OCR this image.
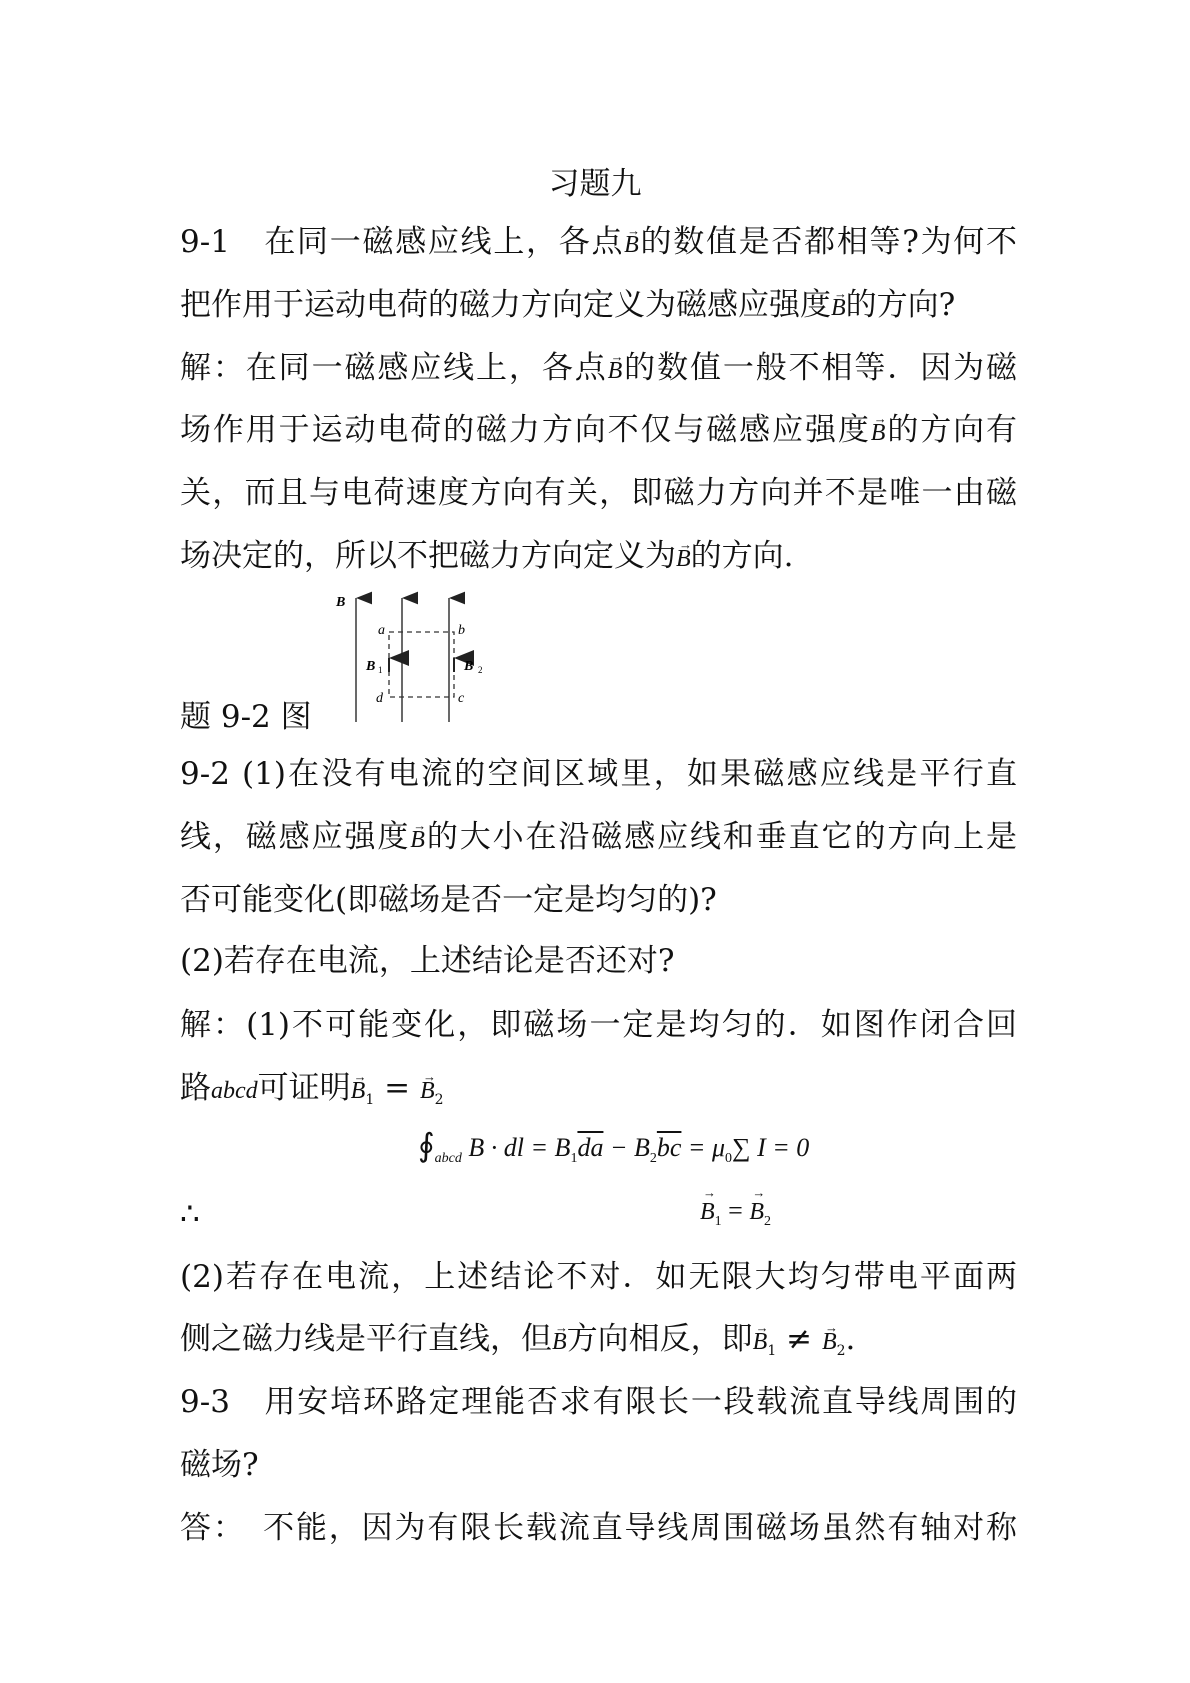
习题九
9-1　在同一磁感应线上，各点→ B的数值是否都相等?为何不
把作用于运动电荷的磁力方向定义为磁感应强度→ B的方向?
解：在同一磁感应线上，各点→ B的数值一般不相等．因为磁
场作用于运动电荷的磁力方向不仅与磁感应强度→ B的方向有
关，而且与电荷速度方向有关，即磁力方向并不是唯一由磁
场决定的，所以不把磁力方向定义为→ B的方向.
题 9-2 图
9-2 (1)在没有电流的空间区域里，如果磁感应线是平行直
线，磁感应强度→ B的大小在沿磁感应线和垂直它的方向上是
否可能变化(即磁场是否一定是均匀的)?
(2)若存在电流，上述结论是否还对?
解：(1)不可能变化，即磁场一定是均匀的．如图作闭合回
路abcd可证明→ $B_1$ = → $B_2$
∴
(2)若存在电流，上述结论不对．如无限大均匀带电平面两
侧之磁力线是平行直线，但→ B方向相反，即→ $B_1$ ≠ → $B_2$.
9-3　用安培环路定理能否求有限长一段载流直导线周围的
磁场?
答：　不能，因为有限长载流直导线周围磁场虽然有轴对称
B
a	b
c
d
B 1	B 2
$∮_{abcd}$ B · dl = $B_1\overline{da} - B_2\overline{bc} = \mu_0\sum$ I = 0
→ $B_1$ = → $B_2$
